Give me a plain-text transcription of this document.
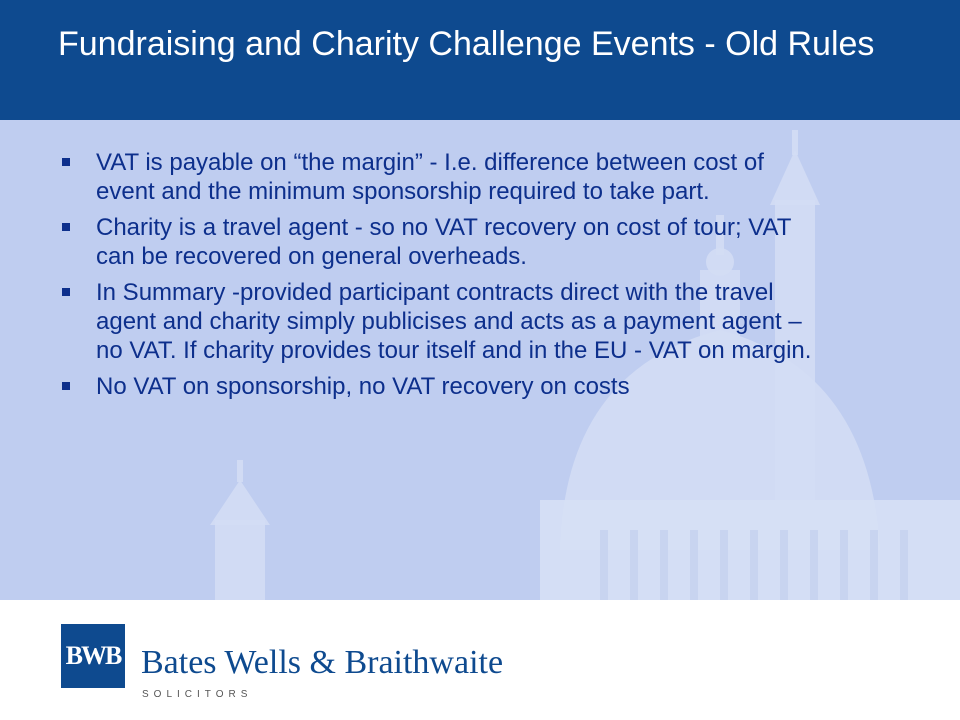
Fundraising and Charity Challenge Events - Old Rules
VAT is payable on “the margin” - I.e. difference between cost of event and the minimum sponsorship required to take part.
Charity is a travel agent - so no VAT recovery on cost of tour; VAT can be recovered on general overheads.
In Summary -provided participant contracts direct with the travel agent and charity simply publicises and acts as a payment agent – no VAT. If charity provides tour itself and in the EU - VAT on margin.
No VAT on sponsorship, no VAT recovery on costs
BWB Bates Wells & Braithwaite
SOLICITORS
